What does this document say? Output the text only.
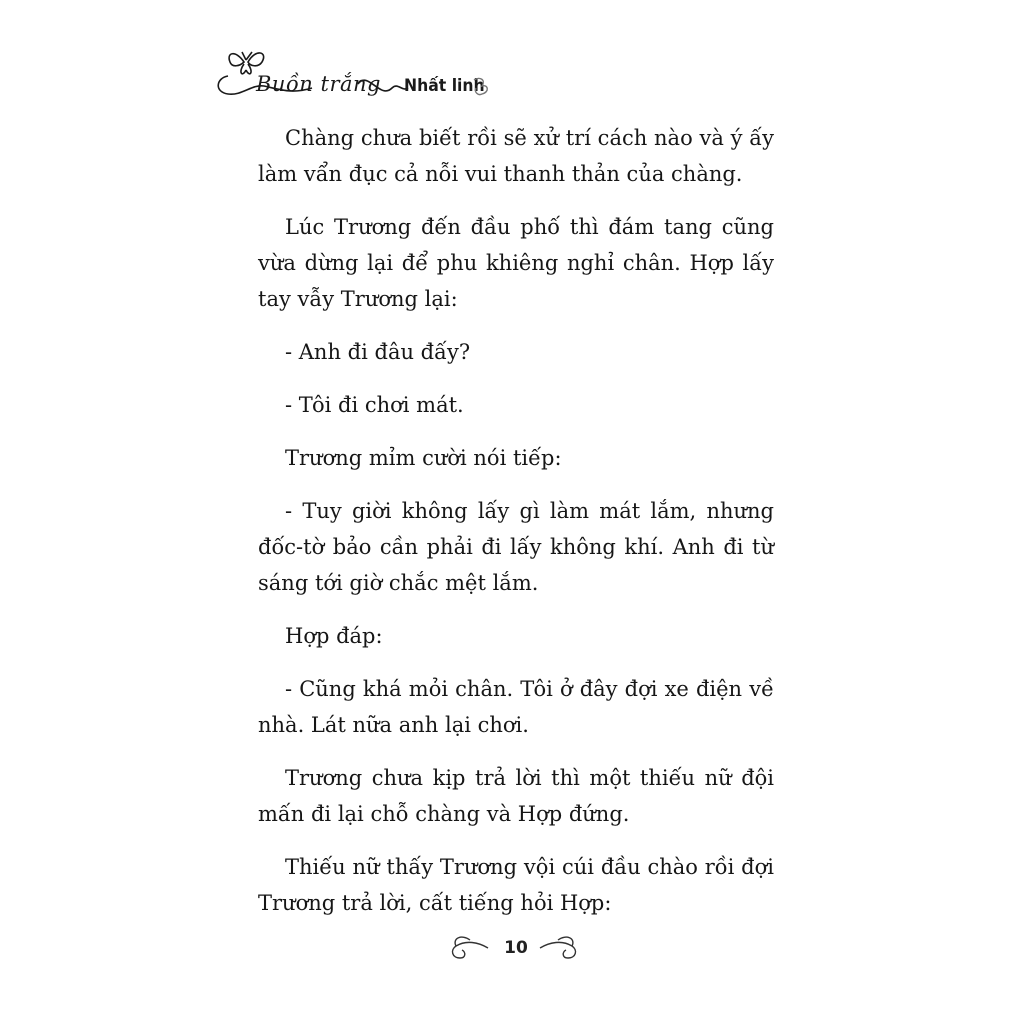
Buồn trắng Nhất linh

Chàng chưa biết rồi sẽ xử trí cách nào và ý ấy làm vẩn đục cả nỗi vui thanh thản của chàng.

Lúc Trương đến đầu phố thì đám tang cũng vừa dừng lại để phu khiêng nghỉ chân. Hợp lấy tay vẫy Trương lại:

- Anh đi đâu đấy?

- Tôi đi chơi mát.

Trương mỉm cười nói tiếp:

- Tuy giời không lấy gì làm mát lắm, nhưng đốc-tờ bảo cần phải đi lấy không khí. Anh đi từ sáng tới giờ chắc mệt lắm.

Hợp đáp:

- Cũng khá mỏi chân. Tôi ở đây đợi xe điện về nhà. Lát nữa anh lại chơi.

Trương chưa kịp trả lời thì một thiếu nữ đội mấn đi lại chỗ chàng và Hợp đứng.

Thiếu nữ thấy Trương vội cúi đầu chào rồi đợi Trương trả lời, cất tiếng hỏi Hợp:

10
